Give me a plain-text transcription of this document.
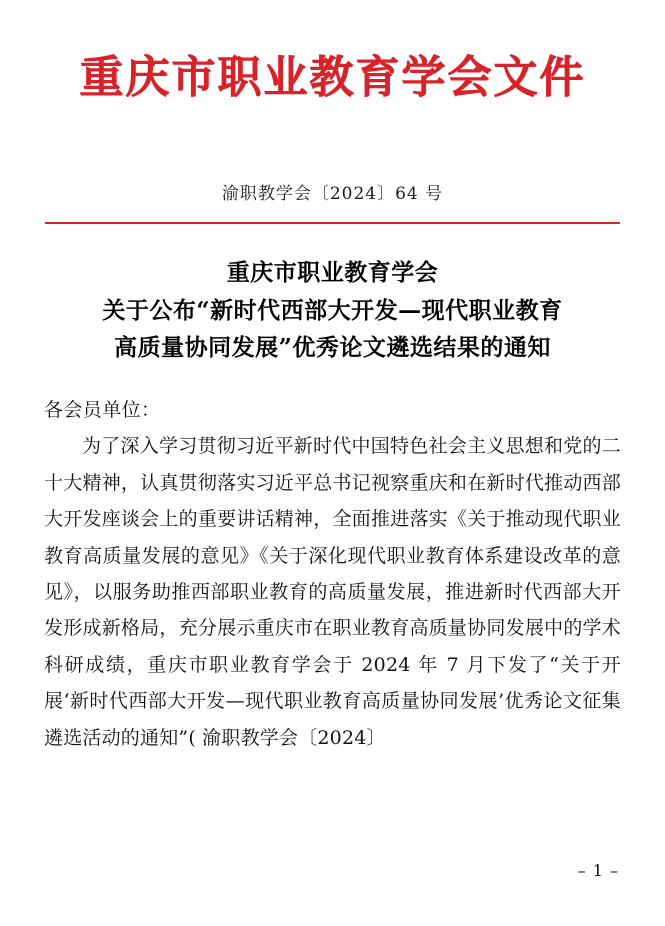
重庆市职业教育学会文件
渝职教学会〔2024〕64 号
重庆市职业教育学会
关于公布“新时代西部大开发—现代职业教育
高质量协同发展”优秀论文遴选结果的通知
各会员单位：

为了深入学习贯彻习近平新时代中国特色社会主义思想和党的二十大精神，认真贯彻落实习近平总书记视察重庆和在新时代推动西部大开发座谈会上的重要讲话精神，全面推进落实《关于推动现代职业教育高质量发展的意见》《关于深化现代职业教育体系建设改革的意见》，以服务助推西部职业教育的高质量发展，推进新时代西部大开发形成新格局，充分展示重庆市在职业教育高质量协同发展中的学术科研成绩，重庆市职业教育学会于 2024 年 7 月下发了“关于开展‘新时代西部大开发—现代职业教育高质量协同发展’优秀论文征集遴选活动的通知”( 渝职教学会〔2024〕

– 1 –
